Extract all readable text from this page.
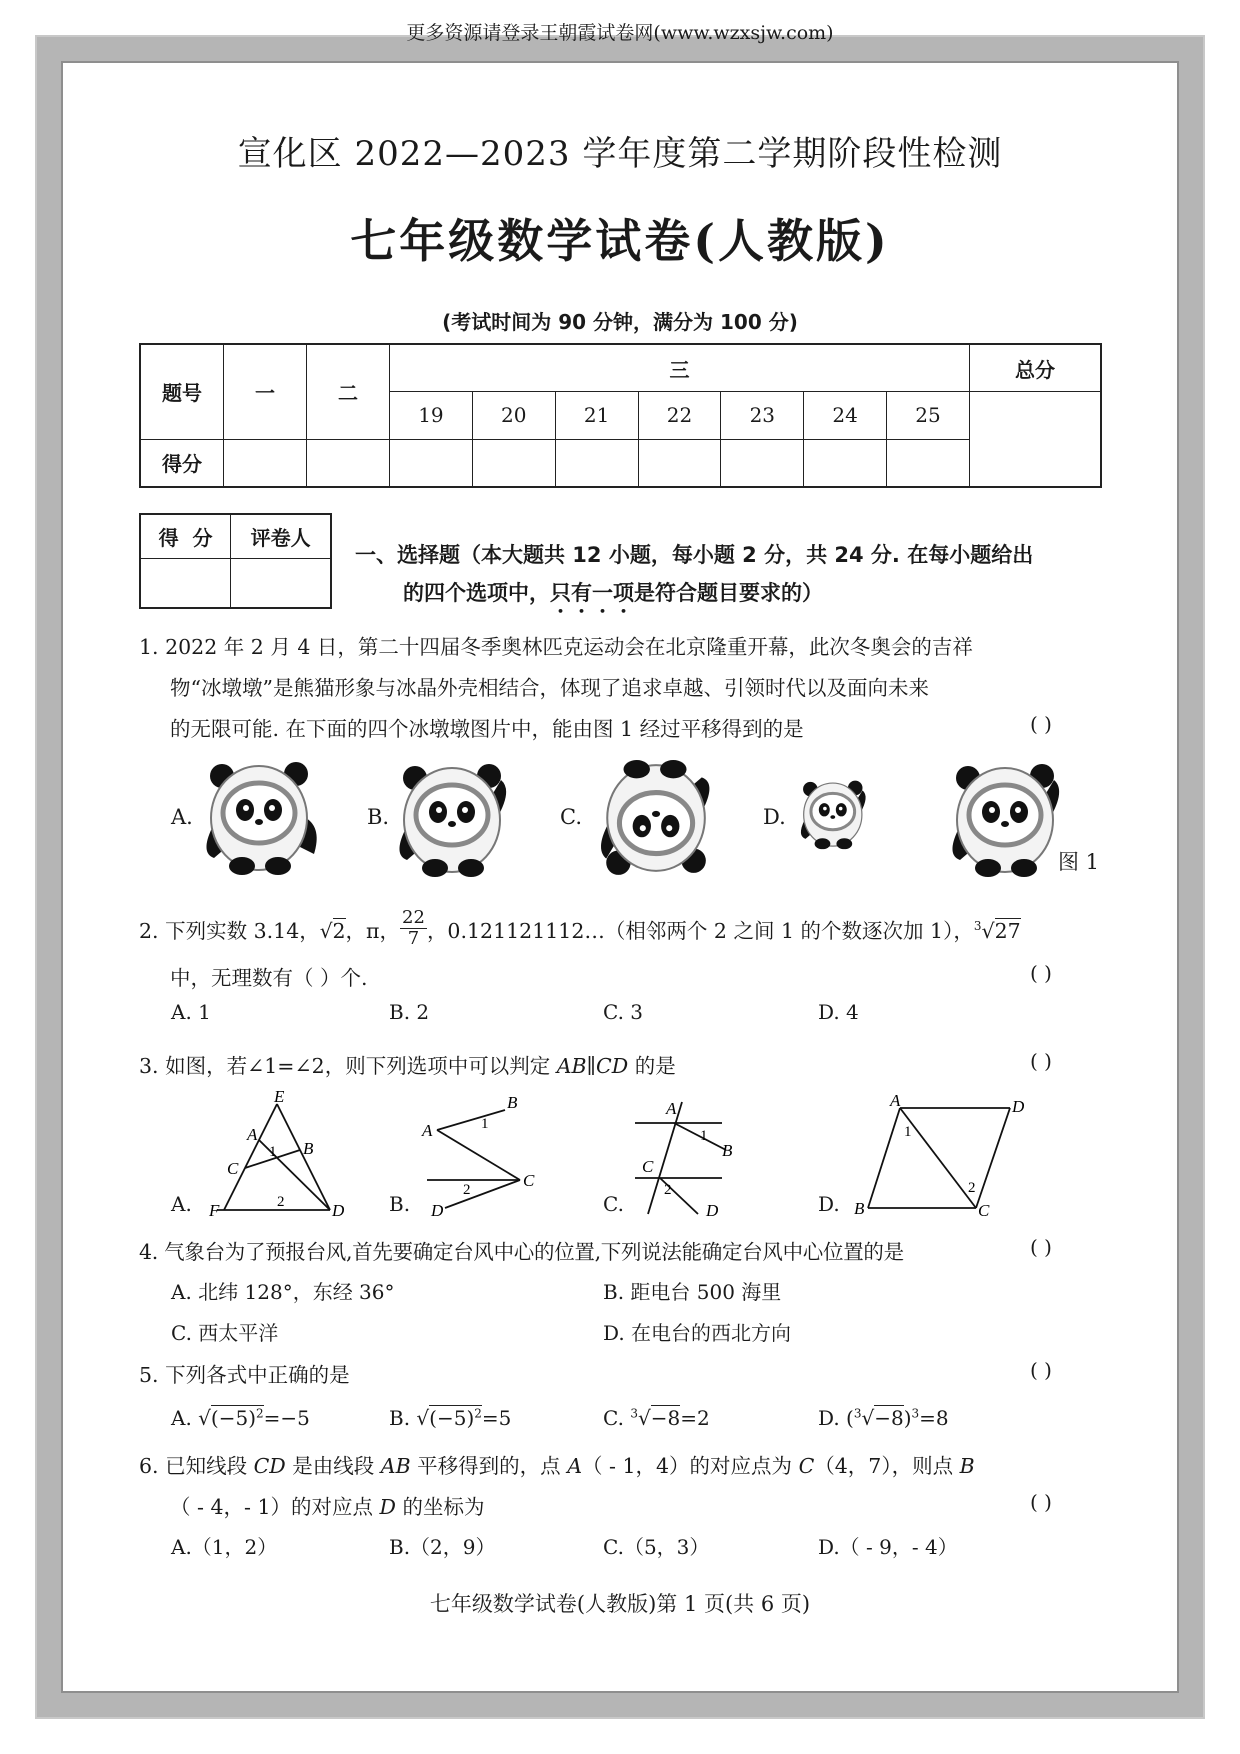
更多资源请登录王朝霞试卷网(www.wzxsjw.com)
宣化区 2022—2023 学年度第二学期阶段性检测
七年级数学试卷(人教版)
(考试时间为 90 分钟，满分为 100 分)
题号	一	二	三							总分
			19	20	21	22	23	24	25	
得分										
得  分	评卷人

一、选择题（本大题共 12 小题，每小题 2 分，共 24 分. 在每小题给出
的四个选项中，只有一项是符合题目要求的）
1. 2022 年 2 月 4 日，第二十四届冬季奥林匹克运动会在北京隆重开幕，此次冬奥会的吉祥
物“冰墩墩”是熊猫形象与冰晶外壳相结合，体现了追求卓越、引领时代以及面向未来
的无限可能. 在下面的四个冰墩墩图片中，能由图 1 经过平移得到的是	( )
A.	B.	C.	D.
图 1
2. 下列实数 3.14，√2，π， $\frac{22}{7}$ ，0.121121112…（相邻两个 2 之间 1 的个数逐次加 1），$^3$√27
中，无理数有（ ）个.	( )
A. 1	B. 2	C. 3	D. 4
3. 如图，若∠1=∠2，则下列选项中可以判定 AB∥CD 的是	( )
A.	B.	C.	D.
E
A
B
C
F	D
1
2
A
B
C
D
1
2
A
B
C
D
1
2
A	D
B	C
1
2
4. 气象台为了预报台风,首先要确定台风中心的位置,下列说法能确定台风中心位置的是	( )
A. 北纬 128°，东经 36°	B. 距电台 500 海里
C. 西太平洋	D. 在电台的西北方向
5. 下列各式中正确的是	( )
A. $√(-5)^2=-5$	B. $√(-5)^2=5$	C. $^3$√−8=2	D. $(^3√-8)^3=8$
6. 已知线段 CD 是由线段 AB 平移得到的，点 A（ - 1，4）的对应点为 C（4，7），则点 B
（ - 4，- 1）的对应点 D 的坐标为	( )
A.（1，2）	B.（2，9）	C.（5，3）	D.（ - 9，- 4）
七年级数学试卷(人教版)第 1 页(共 6 页)
